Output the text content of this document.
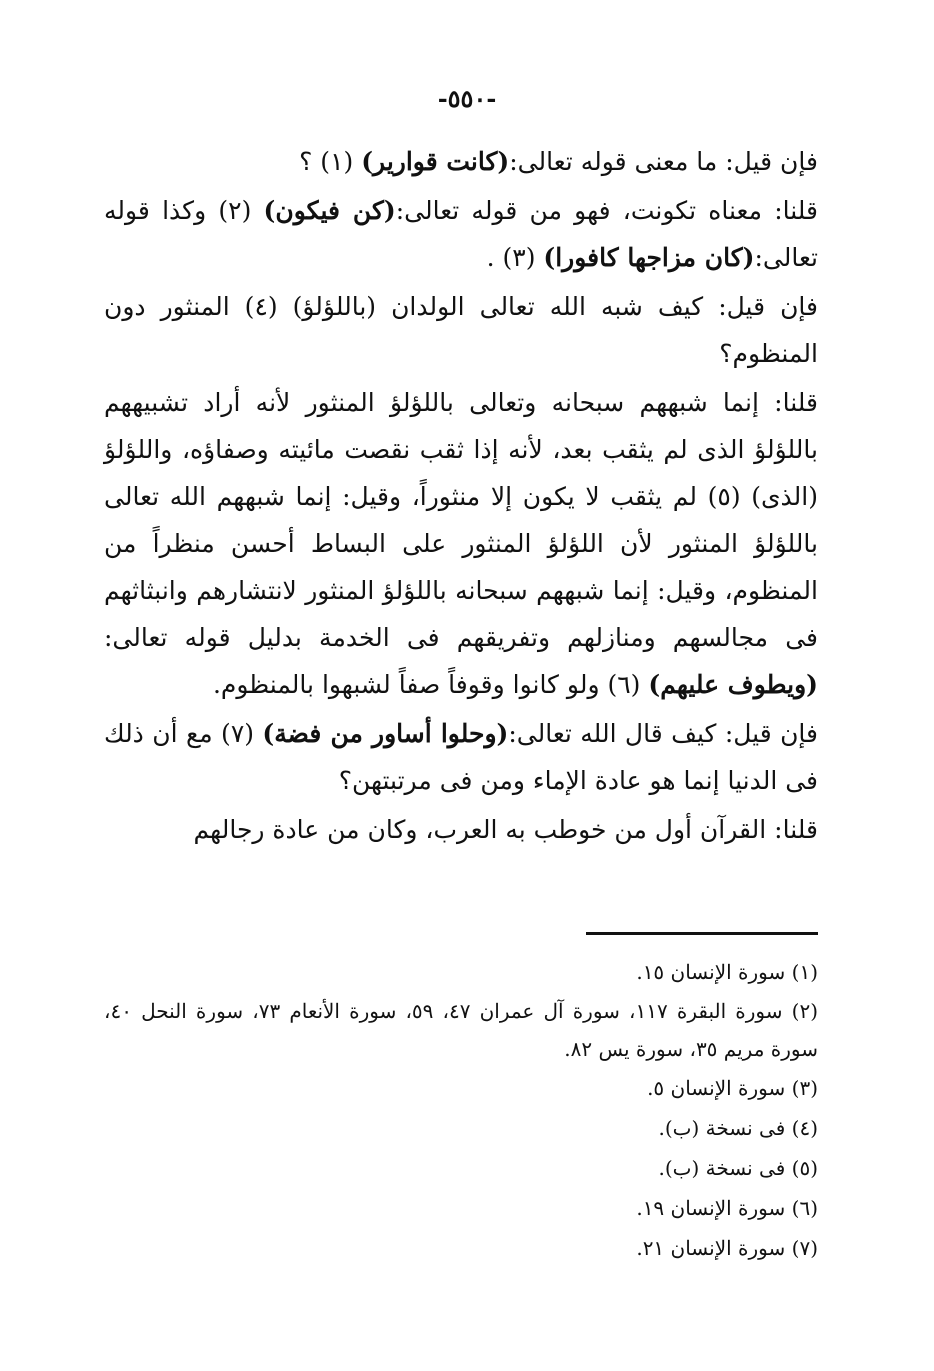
-٥٥٠-

فإن قيل: ما معنى قوله تعالى:(كانت قوارير) (١) ؟

قلنا: معناه تكونت، فهو من قوله تعالى:(كن فيكون) (٢) وكذا قوله تعالى:(كان مزاجها كافورا) (٣) .

فإن قيل: كيف شبه الله تعالى الولدان (باللؤلؤ) (٤) المنثور دون المنظوم؟

قلنا: إنما شبههم سبحانه وتعالى باللؤلؤ المنثور لأنه أراد تشبيههم باللؤلؤ الذى لم يثقب بعد، لأنه إذا ثقب نقصت مائيته وصفاؤه، واللؤلؤ (الذى) (٥) لم يثقب لا يكون إلا منثوراً، وقيل: إنما شبههم الله تعالى باللؤلؤ المنثور لأن اللؤلؤ المنثور على البساط أحسن منظراً من المنظوم، وقيل: إنما شبههم سبحانه باللؤلؤ المنثور لانتشارهم وانبثاثهم فى مجالسهم ومنازلهم وتفريقهم فى الخدمة بدليل قوله تعالى:(ويطوف عليهم) (٦) ولو كانوا وقوفاً صفاً لشبهوا بالمنظوم.

فإن قيل: كيف قال الله تعالى:(وحلوا أساور من فضة) (٧) مع أن ذلك فى الدنيا إنما هو عادة الإماء ومن فى مرتبتهن؟

قلنا: القرآن أول من خوطب به العرب، وكان من عادة رجالهم

(١) سورة الإنسان ١٥.

(٢) سورة البقرة ١١٧، سورة آل عمران ٤٧، ٥٩، سورة الأنعام ٧٣، سورة النحل ٤٠، سورة مريم ٣٥، سورة يس ٨٢.

(٣) سورة الإنسان ٥.

(٤) فى نسخة (ب).

(٥) فى نسخة (ب).

(٦) سورة الإنسان ١٩.

(٧) سورة الإنسان ٢١.
